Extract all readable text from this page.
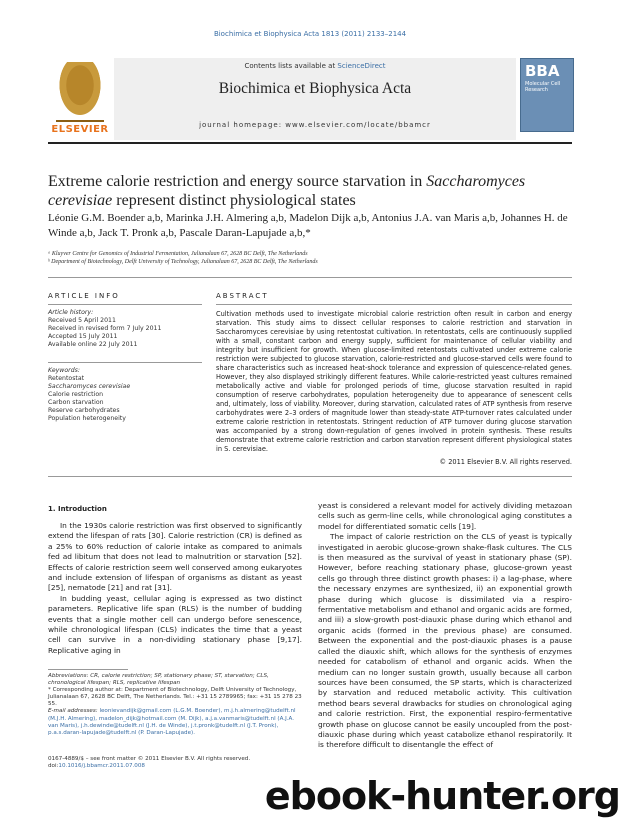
Biochimica et Biophysica Acta 1813 (2011) 2133–2144
ELSEVIER
Contents lists available at ScienceDirect
Biochimica et Biophysica Acta
journal homepage: www.elsevier.com/locate/bbamcr
BBA
Molecular Cell Research
Extreme calorie restriction and energy source starvation in Saccharomyces cerevisiae represent distinct physiological states
Léonie G.M. Boender a,b, Marinka J.H. Almering a,b, Madelon Dijk a,b, Antonius J.A. van Maris a,b, Johannes H. de Winde a,b, Jack T. Pronk a,b, Pascale Daran-Lapujade a,b,*
ᵃ Kluyver Centre for Genomics of Industrial Fermentation, Julianalaan 67, 2628 BC Delft, The Netherlands
ᵇ Department of Biotechnology, Delft University of Technology, Julianalaan 67, 2628 BC Delft, The Netherlands
ARTICLE INFO
Article history:
Received 5 April 2011
Received in revised form 7 July 2011
Accepted 15 July 2011
Available online 22 July 2011
Keywords:
Retentostat
Saccharomyces cerevisiae
Calorie restriction
Carbon starvation
Reserve carbohydrates
Population heterogeneity
ABSTRACT
Cultivation methods used to investigate microbial calorie restriction often result in carbon and energy starvation. This study aims to dissect cellular responses to calorie restriction and starvation in Saccharomyces cerevisiae by using retentostat cultivation. In retentostats, cells are continuously supplied with a small, constant carbon and energy supply, sufficient for maintenance of cellular viability and integrity but insufficient for growth. When glucose-limited retentostats cultivated under extreme calorie restriction were subjected to glucose starvation, calorie-restricted and glucose-starved cells were found to share characteristics such as increased heat-shock tolerance and expression of quiescence-related genes. However, they also displayed strikingly different features. While calorie-restricted yeast cultures remained metabolically active and viable for prolonged periods of time, glucose starvation resulted in rapid consumption of reserve carbohydrates, population heterogeneity due to appearance of senescent cells and, ultimately, loss of viability. Moreover, during starvation, calculated rates of ATP synthesis from reserve carbohydrates were 2–3 orders of magnitude lower than steady-state ATP-turnover rates calculated under extreme calorie restriction in retentostats. Stringent reduction of ATP turnover during glucose starvation was accompanied by a strong down-regulation of genes involved in protein synthesis. These results demonstrate that extreme calorie restriction and carbon starvation represent different physiological states in S. cerevisiae.
© 2011 Elsevier B.V. All rights reserved.
1. Introduction

In the 1930s calorie restriction was first observed to significantly extend the lifespan of rats [30]. Calorie restriction (CR) is defined as a 25% to 60% reduction of calorie intake as compared to animals fed ad libitum that does not lead to malnutrition or starvation [52]. Effects of calorie restriction seem well conserved among eukaryotes and include extension of lifespan of organisms as distant as yeast [25], nematode [21] and rat [31].

In budding yeast, cellular aging is expressed as two distinct parameters. Replicative life span (RLS) is the number of budding events that a single mother cell can undergo before senescence, while chronological lifespan (CLS) indicates the time that a yeast cell can survive in a non-dividing stationary phase [9,17]. Replicative aging in

yeast is considered a relevant model for actively dividing metazoan cells such as germ-line cells, while chronological aging constitutes a model for differentiated somatic cells [19].

The impact of calorie restriction on the CLS of yeast is typically investigated in aerobic glucose-grown shake-flask cultures. The CLS is then measured as the survival of yeast in stationary phase (SP). However, before reaching stationary phase, glucose-grown yeast cells go through three distinct growth phases: i) a lag-phase, where the necessary enzymes are synthesized, ii) an exponential growth phase during which glucose is dissimilated via a respiro-fermentative metabolism and ethanol and organic acids are formed, and iii) a slow-growth post-diauxic phase during which ethanol and organic acids (formed in the previous phase) are consumed. Between the exponential and the post-diauxic phases is a pause called the diauxic shift, which allows for the synthesis of enzymes needed for catabolism of ethanol and organic acids. When the medium can no longer sustain growth, usually because all carbon sources have been consumed, the SP starts, which is characterized by starvation and reduced metabolic activity. This cultivation method bears several drawbacks for studies on chronological aging and calorie restriction. First, the exponential respiro-fermentative growth phase on glucose cannot be easily uncoupled from the post-diauxic phase during which yeast catabolize ethanol respiratorily. It is therefore difficult to disentangle the effect of

Abbreviations: CR, calorie restriction; SP, stationary phase; ST, starvation; CLS, chronological lifespan; RLS, replicative lifespan
* Corresponding author at: Department of Biotechnology, Delft University of Technology, Julianalaan 67, 2628 BC Delft, The Netherlands. Tel.: +31 15 2789965; fax: +31 15 278 23 55.
E-mail addresses: leonievandijk@gmail.com (L.G.M. Boender), m.j.h.almering@tudelft.nl (M.J.H. Almering), madelon_dijk@hotmail.com (M. Dijk), a.j.a.vanmaris@tudelft.nl (A.J.A. van Maris), j.h.dewinde@tudelft.nl (J.H. de Winde), j.t.pronk@tudelft.nl (J.T. Pronk), p.a.s.daran-lapujade@tudelft.nl (P. Daran-Lapujade).
0167-4889/$ – see front matter © 2011 Elsevier B.V. All rights reserved.
doi:10.1016/j.bbamcr.2011.07.008
ebook-hunter.org
